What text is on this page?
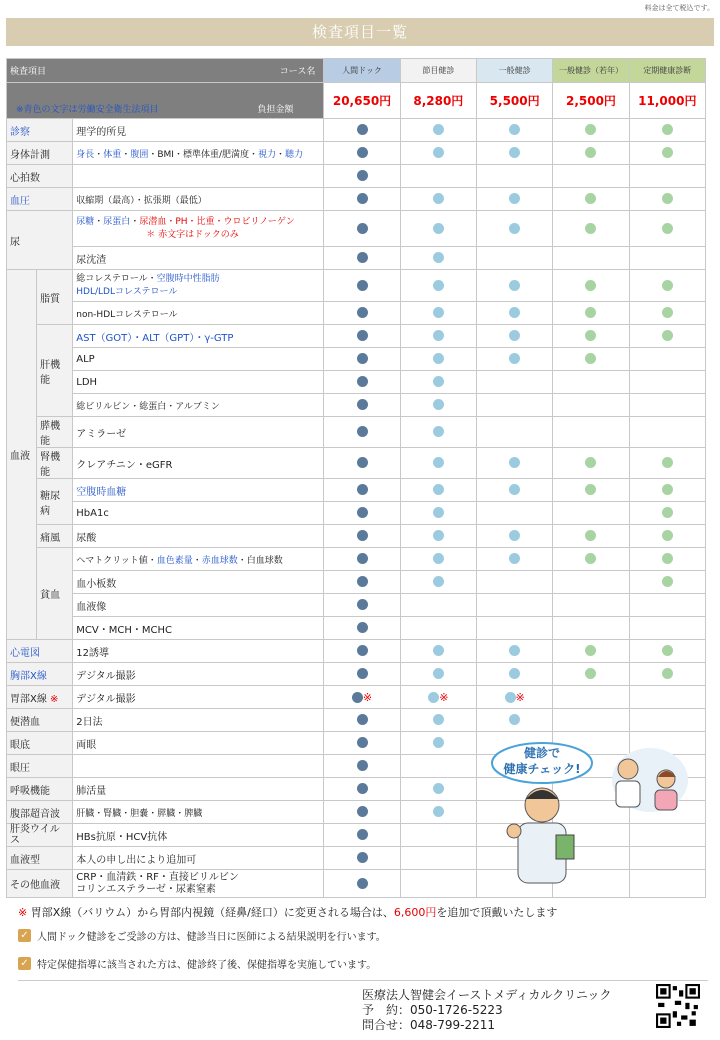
料金は全て税込です。
検査項目一覧
検査項目 コース名			人間ドック	節目健診	一般健診	一般健診（若年）	定期健康診断
※青色の文字は労働安全衛生法項目 負担金額			20,650円	8,280円	5,500円	2,500円	11,000円
診察		理学的所見					
身体計測		身長・体重・腹囲・BMI・標準体重/肥満度・視力・聴力					
心拍数							
血圧		収縮期（最高）・拡張期（最低）					
尿		尿糖・尿蛋白・尿潜血・PH・比重・ウロビリノーゲン
＊ 赤文字はドックのみ					
		尿沈渣					
血液	脂質	総コレステロール・空腹時中性脂肪
HDL/LDLコレステロール					
		non-HDLコレステロール					
	肝機能	AST（GOT）・ALT（GPT）・γ-GTP					
		ALP					
		LDH					
		総ビリルビン・総蛋白・アルブミン					
	膵機能	アミラーゼ					
	腎機能	クレアチニン・eGFR					
	糖尿病	空腹時血糖					
		HbA1c					
	痛風	尿酸					
	貧血	ヘマトクリット値・血色素量・赤血球数・白血球数					
		血小板数					
		血液像					
		MCV・MCH・MCHC					
心電図		12誘導					
胸部X線		デジタル撮影					
胃部X線 ※		デジタル撮影	※	※	※		
便潜血		2日法					
眼底		両眼					
眼圧							
呼吸機能		肺活量					
腹部超音波		肝臓・腎臓・胆嚢・膵臓・脾臓					
肝炎ウイルス		HBs抗原・HCV抗体					
血液型		本人の申し出により追加可					
その他血液		CRP・血清鉄・RF・直接ビリルビン
コリンエステラーゼ・尿素窒素					
健診で
健康チェック!
※ 胃部X線（バリウム）から胃部内視鏡（経鼻/経口）に変更される場合は、6,600円を追加で頂戴いたします
✓ 人間ドック健診をご受診の方は、健診当日に医師による結果説明を行います。
✓ 特定保健指導に該当された方は、健診終了後、保健指導を実施しています。
医療法人智健会イーストメディカルクリニック
予　約：050-1726-5223
問合せ：048-799-2211
